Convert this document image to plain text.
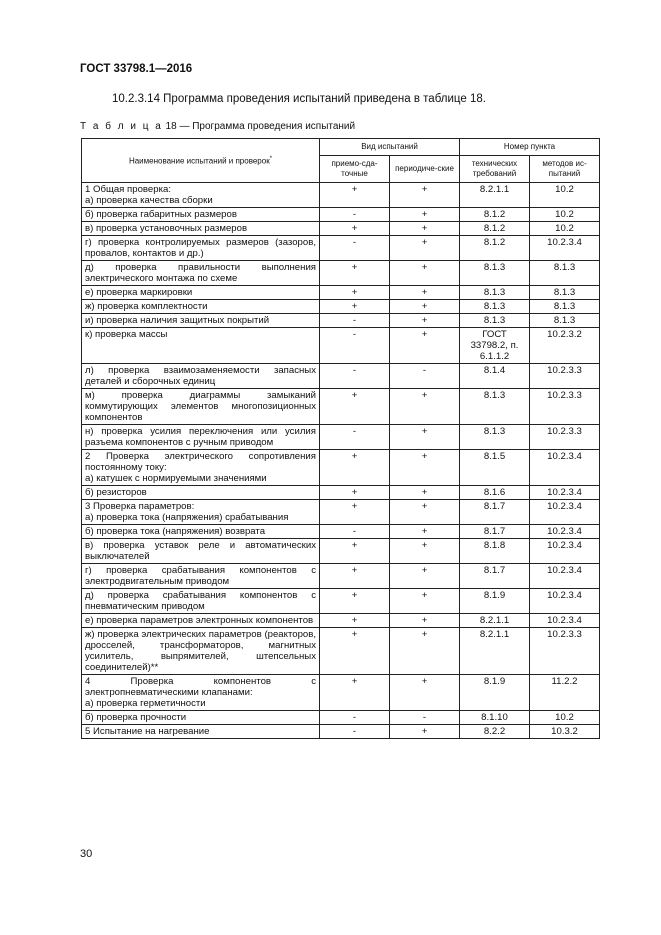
ГОСТ 33798.1—2016
10.2.3.14 Программа проведения испытаний приведена в таблице 18.
Т а б л и ц а 18 — Программа проведения испытаний
Наименование испытаний и проверок*	Вид испытаний		Номер пункта	
	приемо-сда-точные	периодиче-ские	технических требований	методов ис-пытаний

1 Общая проверка:
а) проверка качества сборки	+	+	8.2.1.1	10.2

б) проверка габаритных размеров	-	+	8.1.2	10.2

в) проверка установочных размеров	+	+	8.1.2	10.2

г) проверка контролируемых размеров (зазоров, провалов, контактов и др.)	-	+	8.1.2	10.2.3.4

д) проверка правильности выполнения электрического монтажа по схеме	+	+	8.1.3	8.1.3

е) проверка маркировки	+	+	8.1.3	8.1.3

ж) проверка комплектности	+	+	8.1.3	8.1.3

и) проверка наличия защитных покрытий	-	+	8.1.3	8.1.3

к) проверка массы	-	+	ГОСТ 33798.2, п. 6.1.1.2	10.2.3.2

л) проверка взаимозаменяемости запасных деталей и сборочных единиц	-	-	8.1.4	10.2.3.3

м) проверка диаграммы замыканий коммутирующих элементов многопозиционных компонентов	+	+	8.1.3	10.2.3.3

н) проверка усилия переключения или усилия разъема компонентов с ручным приводом	-	+	8.1.3	10.2.3.3

2 Проверка электрического сопротивления постоянному току:
а) катушек с нормируемыми значениями	+	+	8.1.5	10.2.3.4

б) резисторов	+	+	8.1.6	10.2.3.4

3 Проверка параметров:
а) проверка тока (напряжения) срабатывания	+	+	8.1.7	10.2.3.4

б) проверка тока (напряжения) возврата	-	+	8.1.7	10.2.3.4

в) проверка уставок реле и автоматических выключателей	+	+	8.1.8	10.2.3.4

г) проверка срабатывания компонентов с электродвигательным приводом	+	+	8.1.7	10.2.3.4

д) проверка срабатывания компонентов с пневматическим приводом	+	+	8.1.9	10.2.3.4

е) проверка параметров электронных компонентов	+	+	8.2.1.1	10.2.3.4

ж) проверка электрических параметров (реакторов, дросселей, трансформаторов, магнитных усилитель, выпрямителей, штепсельных соединителей)**	+	+	8.2.1.1	10.2.3.3

4 Проверка компонентов с электропневматическими клапанами:
а) проверка герметичности	+	+	8.1.9	11.2.2

б) проверка прочности	-	-	8.1.10	10.2

5 Испытание на нагревание	-	+	8.2.2	10.3.2
30
